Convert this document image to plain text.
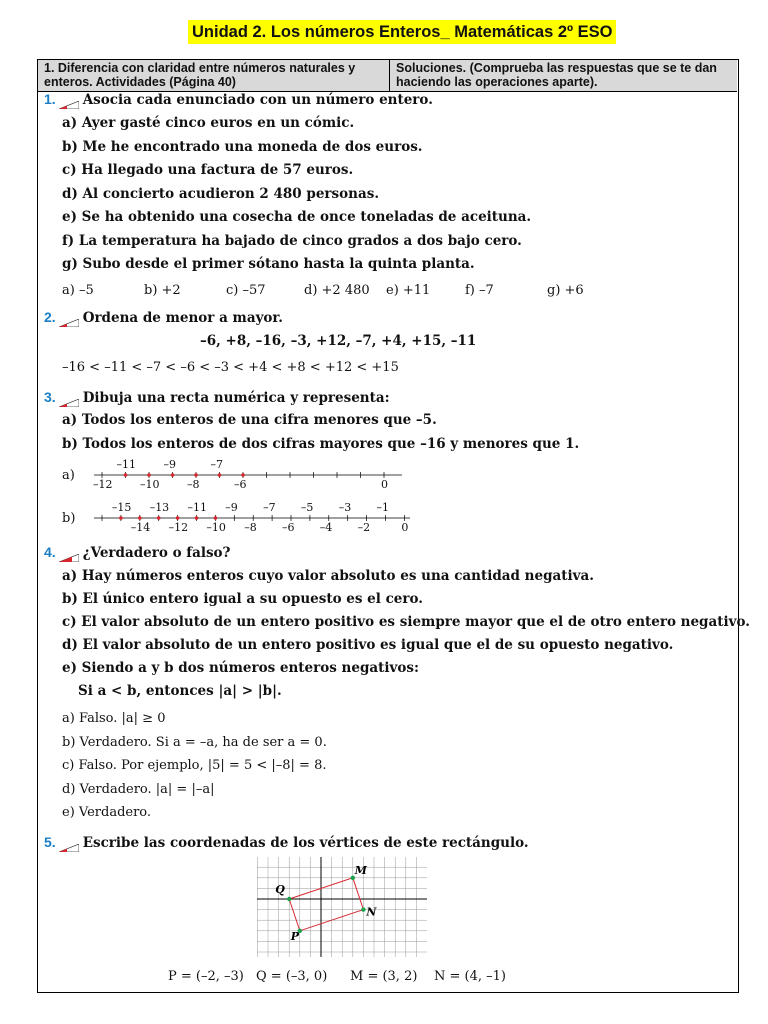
Unidad 2. Los números Enteros_ Matemáticas 2º ESO
1. Diferencia con claridad entre números naturales y enteros. Actividades (Página 40)
Soluciones. (Comprueba las respuestas que se te dan haciendo las operaciones aparte).
1. Asocia cada enunciado con un número entero.
a) Ayer gasté cinco euros en un cómic.
b) Me he encontrado una moneda de dos euros.
c) Ha llegado una factura de 57 euros.
d) Al concierto acudieron 2 480 personas.
e) Se ha obtenido una cosecha de once toneladas de aceituna.
f) La temperatura ha bajado de cinco grados a dos bajo cero.
g) Subo desde el primer sótano hasta la quinta planta.
a) –5	b) +2	c) –57	d) +2 480 e) +11	f) –7	g) +6
2. Ordena de menor a mayor.
–6, +8, –16, –3, +12, –7, +4, +15, –11
–16 < –11 < –7 < –6 < –3 < +4 < +8 < +12 < +15
3. Dibuja una recta numérica y representa:
a) Todos los enteros de una cifra menores que –5.
b) Todos los enteros de dos cifras mayores que –16 y menores que 1.
a)
–11	–9	–7
–12	–10	–8	–6	0
b)
–15 –13 –11 –9 –7 –5 –3 –1
–14 –12 –10 –8 –6 –4 –2	0
4. ¿Verdadero o falso?
a) Hay números enteros cuyo valor absoluto es una cantidad negativa.
b) El único entero igual a su opuesto es el cero.
c) El valor absoluto de un entero positivo es siempre mayor que el de otro entero negativo.
d) El valor absoluto de un entero positivo es igual que el de su opuesto negativo.
e) Siendo a y b dos números enteros negativos:
Si a < b, entonces |a| > |b|.
a) Falso. |a| ≥ 0
b) Verdadero. Si a = –a, ha de ser a = 0.
c) Falso. Por ejemplo, |5| = 5 < |–8| = 8.
d) Verdadero. |a| = |–a|
e) Verdadero.
5. Escribe las coordenadas de los vértices de este rectángulo.
M
Q
N
P
P = (–2, –3) Q = (–3, 0) M = (3, 2) N = (4, –1)
